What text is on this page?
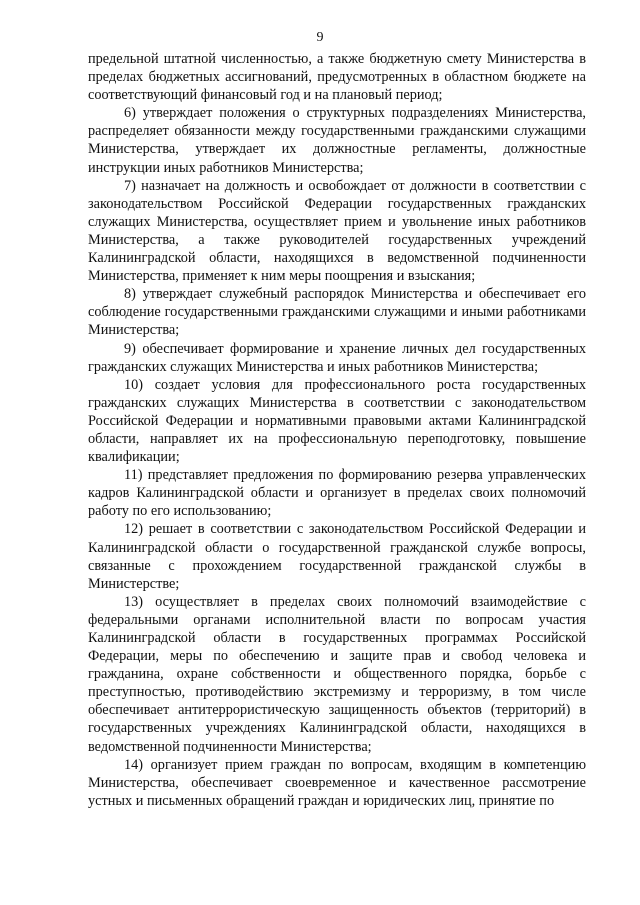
9

предельной штатной численностью, а также бюджетную смету Министерства в пределах бюджетных ассигнований, предусмотренных в областном бюджете на соответствующий финансовый год и на плановый период;

6) утверждает положения о структурных подразделениях Министерства, распределяет обязанности между государственными гражданскими служащими Министерства, утверждает их должностные регламенты, должностные инструкции иных работников Министерства;

7) назначает на должность и освобождает от должности в соответствии с законодательством Российской Федерации государственных гражданских служащих Министерства, осуществляет прием и увольнение иных работников Министерства, а также руководителей государственных учреждений Калининградской области, находящихся в ведомственной подчиненности Министерства, применяет к ним меры поощрения и взыскания;

8) утверждает служебный распорядок Министерства и обеспечивает его соблюдение государственными гражданскими служащими и иными работниками Министерства;

9) обеспечивает формирование и хранение личных дел государственных гражданских служащих Министерства и иных работников Министерства;

10) создает условия для профессионального роста государственных гражданских служащих Министерства в соответствии с законодательством Российской Федерации и нормативными правовыми актами Калининградской области, направляет их на профессиональную переподготовку, повышение квалификации;

11) представляет предложения по формированию резерва управленческих кадров Калининградской области и организует в пределах своих полномочий работу по его использованию;

12) решает в соответствии с законодательством Российской Федерации и Калининградской области о государственной гражданской службе вопросы, связанные с прохождением государственной гражданской службы в Министерстве;

13) осуществляет в пределах своих полномочий взаимодействие с федеральными органами исполнительной власти по вопросам участия Калининградской области в государственных программах Российской Федерации, меры по обеспечению и защите прав и свобод человека и гражданина, охране собственности и общественного порядка, борьбе с преступностью, противодействию экстремизму и терроризму, в том числе обеспечивает антитеррористическую защищенность объектов (территорий) в государственных учреждениях Калининградской области, находящихся в ведомственной подчиненности Министерства;

14) организует прием граждан по вопросам, входящим в компетенцию Министерства, обеспечивает своевременное и качественное рассмотрение устных и письменных обращений граждан и юридических лиц, принятие по
